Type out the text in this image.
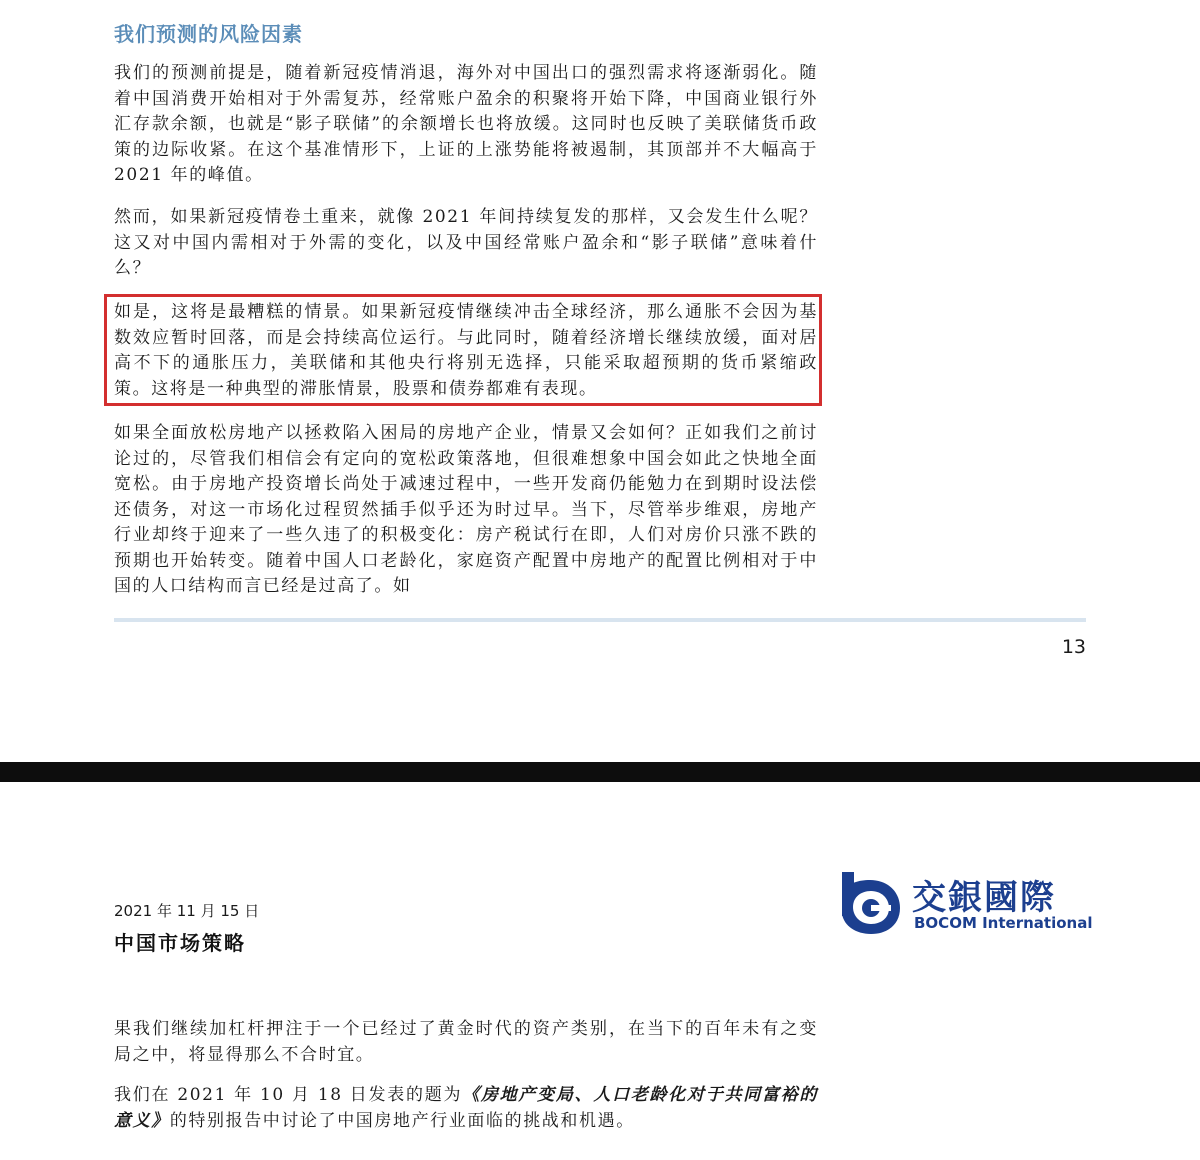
我们预测的风险因素

我们的预测前提是，随着新冠疫情消退，海外对中国出口的强烈需求将逐渐弱化。随着中国消费开始相对于外需复苏，经常账户盈余的积聚将开始下降，中国商业银行外汇存款余额，也就是“影子联储”的余额增长也将放缓。这同时也反映了美联储货币政策的边际收紧。在这个基准情形下，上证的上涨势能将被遏制，其顶部并不大幅高于 2021 年的峰值。

然而，如果新冠疫情卷土重来，就像 2021 年间持续复发的那样，又会发生什么呢？这又对中国内需相对于外需的变化，以及中国经常账户盈余和“影子联储”意味着什么？

如是，这将是最糟糕的情景。如果新冠疫情继续冲击全球经济，那么通胀不会因为基数效应暂时回落，而是会持续高位运行。与此同时，随着经济增长继续放缓，面对居高不下的通胀压力，美联储和其他央行将别无选择，只能采取超预期的货币紧缩政策。这将是一种典型的滞胀情景，股票和债券都难有表现。

如果全面放松房地产以拯救陷入困局的房地产企业，情景又会如何？正如我们之前讨论过的，尽管我们相信会有定向的宽松政策落地，但很难想象中国会如此之快地全面宽松。由于房地产投资增长尚处于减速过程中，一些开发商仍能勉力在到期时设法偿还债务，对这一市场化过程贸然插手似乎还为时过早。当下，尽管举步维艰，房地产行业却终于迎来了一些久违了的积极变化：房产税试行在即，人们对房价只涨不跌的预期也开始转变。随着中国人口老龄化，家庭资产配置中房地产的配置比例相对于中国的人口结构而言已经是过高了。如

13
2021 年 11 月 15 日
中国市场策略
交銀國際
BOCOM International

果我们继续加杠杆押注于一个已经过了黄金时代的资产类别，在当下的百年未有之变局之中，将显得那么不合时宜。

我们在 2021 年 10 月 18 日发表的题为《房地产变局、人口老龄化对于共同富裕的意义》的特别报告中讨论了中国房地产行业面临的挑战和机遇。
